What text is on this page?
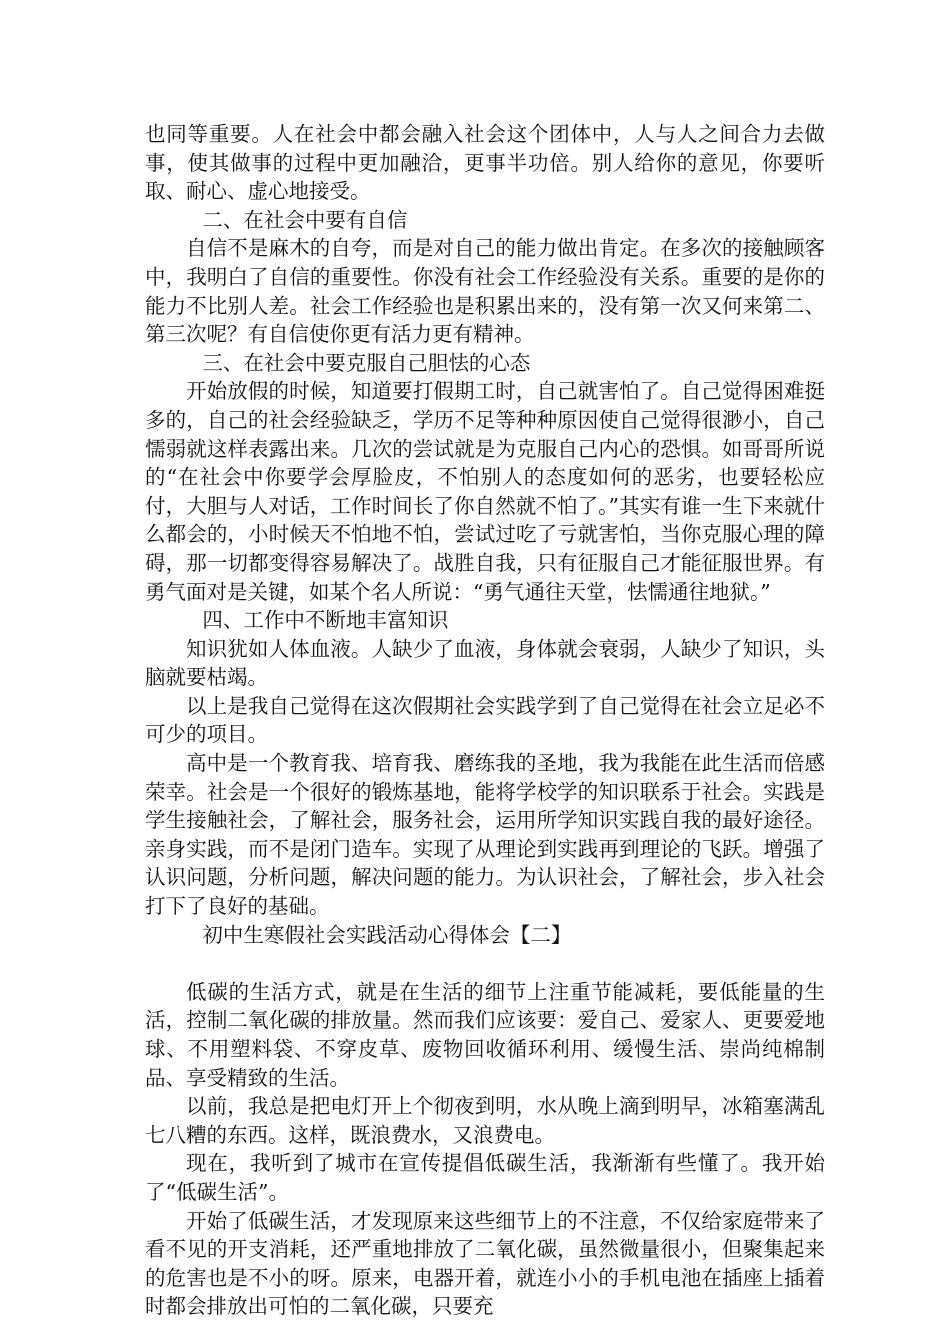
也同等重要。人在社会中都会融入社会这个团体中，人与人之间合力去做事，使其做事的过程中更加融洽，更事半功倍。别人给你的意见，你要听取、耐心、虚心地接受。

二、在社会中要有自信

自信不是麻木的自夸，而是对自己的能力做出肯定。在多次的接触顾客中，我明白了自信的重要性。你没有社会工作经验没有关系。重要的是你的能力不比别人差。社会工作经验也是积累出来的，没有第一次又何来第二、第三次呢？有自信使你更有活力更有精神。

三、在社会中要克服自己胆怯的心态

开始放假的时候，知道要打假期工时，自己就害怕了。自己觉得困难挺多的，自己的社会经验缺乏，学历不足等种种原因使自己觉得很渺小，自己懦弱就这样表露出来。几次的尝试就是为克服自己内心的恐惧。如哥哥所说的“在社会中你要学会厚脸皮，不怕别人的态度如何的恶劣，也要轻松应付，大胆与人对话，工作时间长了你自然就不怕了。”其实有谁一生下来就什么都会的，小时候天不怕地不怕，尝试过吃了亏就害怕，当你克服心理的障碍，那一切都变得容易解决了。战胜自我，只有征服自己才能征服世界。有勇气面对是关键，如某个名人所说：“勇气通往天堂，怯懦通往地狱。”

四、工作中不断地丰富知识

知识犹如人体血液。人缺少了血液，身体就会衰弱，人缺少了知识，头脑就要枯竭。

以上是我自己觉得在这次假期社会实践学到了自己觉得在社会立足必不可少的项目。

高中是一个教育我、培育我、磨练我的圣地，我为我能在此生活而倍感荣幸。社会是一个很好的锻炼基地，能将学校学的知识联系于社会。实践是学生接触社会，了解社会，服务社会，运用所学知识实践自我的最好途径。亲身实践，而不是闭门造车。实现了从理论到实践再到理论的飞跃。增强了认识问题，分析问题，解决问题的能力。为认识社会，了解社会，步入社会打下了良好的基础。

初中生寒假社会实践活动心得体会【二】

低碳的生活方式，就是在生活的细节上注重节能减耗，要低能量的生活，控制二氧化碳的排放量。然而我们应该要：爱自己、爱家人、更要爱地球、不用塑料袋、不穿皮草、废物回收循环利用、缓慢生活、崇尚纯棉制品、享受精致的生活。

以前，我总是把电灯开上个彻夜到明，水从晚上滴到明早，冰箱塞满乱七八糟的东西。这样，既浪费水，又浪费电。

现在，我听到了城市在宣传提倡低碳生活，我渐渐有些懂了。我开始了“低碳生活”。

开始了低碳生活，才发现原来这些细节上的不注意，不仅给家庭带来了看不见的开支消耗，还严重地排放了二氧化碳，虽然微量很小，但聚集起来的危害也是不小的呀。原来，电器开着，就连小小的手机电池在插座上插着时都会排放出可怕的二氧化碳，只要充
